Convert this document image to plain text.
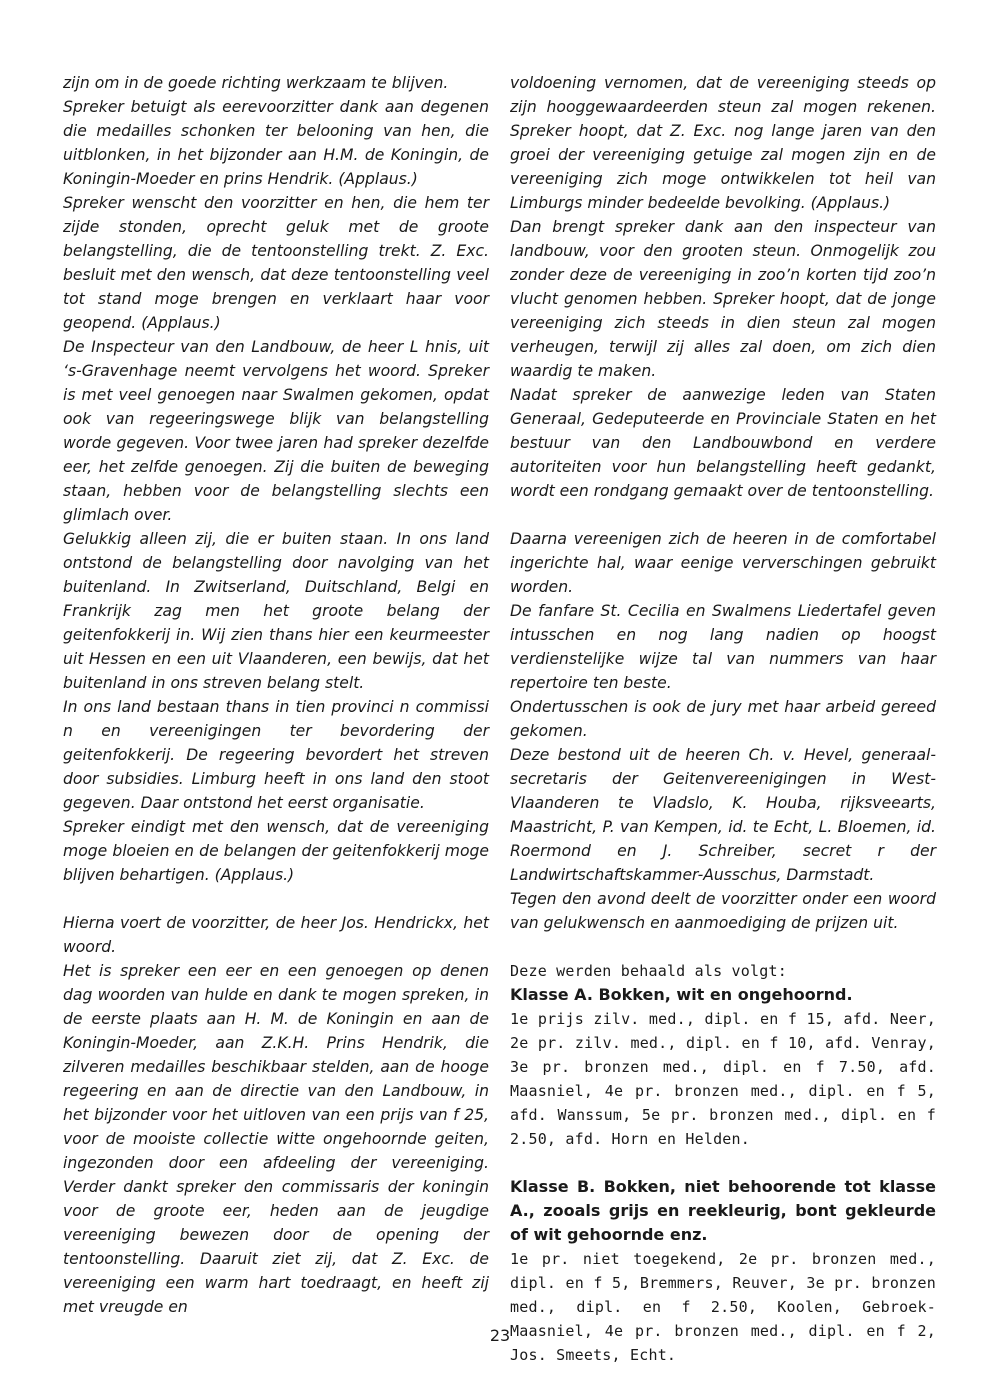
zijn om in de goede richting werkzaam te blijven.

Spreker betuigt als eerevoorzitter dank aan degenen die medailles schonken ter belooning van hen, die uitblonken, in het bijzonder aan H.M. de Koningin, de Koningin-Moeder en prins Hendrik. (Applaus.)

Spreker wenscht den voorzitter en hen, die hem ter zijde stonden, oprecht geluk met de groote belangstelling, die de tentoonstelling trekt. Z. Exc. besluit met den wensch, dat deze tentoonstelling veel tot stand moge brengen en verklaart haar voor geopend. (Applaus.)

De Inspecteur van den Landbouw, de heer L hnis, uit ‘s-Gravenhage neemt vervolgens het woord. Spreker is met veel genoegen naar Swalmen gekomen, opdat ook van regeeringswege blijk van belangstelling worde gegeven. Voor twee jaren had spreker dezelfde eer, het zelfde genoegen. Zij die buiten de beweging staan, hebben voor de belangstelling slechts een glimlach over.

Gelukkig alleen zij, die er buiten staan. In ons land ontstond de belangstelling door navolging van het buitenland. In Zwitserland, Duitschland, Belgi en Frankrijk zag men het groote belang der geitenfokkerij in. Wij zien thans hier een keurmeester uit Hessen en een uit Vlaanderen, een bewijs, dat het buitenland in ons streven belang stelt.

In ons land bestaan thans in tien provinci n commissi n en vereenigingen ter bevordering der geitenfokkerij. De regeering bevordert het streven door subsidies. Limburg heeft in ons land den stoot gegeven. Daar ontstond het eerst organisatie.

Spreker eindigt met den wensch, dat de vereeniging moge bloeien en de belangen der geitenfokkerij moge blijven behartigen. (Applaus.)

Hierna voert de voorzitter, de heer Jos. Hendrickx, het woord.

Het is spreker een eer en een genoegen op denen dag woorden van hulde en dank te mogen spreken, in de eerste plaats aan H. M. de Koningin en aan de Koningin-Moeder, aan Z.K.H. Prins Hendrik, die zilveren medailles beschikbaar stelden, aan de hooge regeering en aan de directie van den Landbouw, in het bijzonder voor het uitloven van een prijs van f 25, voor de mooiste collectie witte ongehoornde geiten, ingezonden door een afdeeling der vereeniging. Verder dankt spreker den commissaris der koningin voor de groote eer, heden aan de jeugdige vereeniging bewezen door de opening der tentoonstelling. Daaruit ziet zij, dat Z. Exc. de vereeniging een warm hart toedraagt, en heeft zij met vreugde en

voldoening vernomen, dat de vereeniging steeds op zijn hooggewaardeerden steun zal mogen rekenen. Spreker hoopt, dat Z. Exc. nog lange jaren van den groei der vereeniging getuige zal mogen zijn en de vereeniging zich moge ontwikkelen tot heil van Limburgs minder bedeelde bevolking. (Applaus.)

Dan brengt spreker dank aan den inspecteur van landbouw, voor den grooten steun. Onmogelijk zou zonder deze de vereeniging in zoo’n korten tijd zoo’n vlucht genomen hebben. Spreker hoopt, dat de jonge vereeniging zich steeds in dien steun zal mogen verheugen, terwijl zij alles zal doen, om zich dien waardig te maken.

Nadat spreker de aanwezige leden van Staten Generaal, Gedeputeerde en Provinciale Staten en het bestuur van den Landbouwbond en verdere autoriteiten voor hun belangstelling heeft gedankt, wordt een rondgang gemaakt over de tentoonstelling.

Daarna vereenigen zich de heeren in de comfortabel ingerichte hal, waar eenige ververschingen gebruikt worden.

De fanfare St. Cecilia en Swalmens Liedertafel geven intusschen en nog lang nadien op hoogst verdienstelijke wijze tal van nummers van haar repertoire ten beste.

Ondertusschen is ook de jury met haar arbeid gereed gekomen.

Deze bestond uit de heeren Ch. v. Hevel, generaal-secretaris der Geitenvereenigingen in West-Vlaanderen te Vladslo, K. Houba, rijksveearts, Maastricht, P. van Kempen, id. te Echt, L. Bloemen, id. Roermond en J. Schreiber, secret r der Landwirtschaftskammer-Ausschus, Darmstadt.

Tegen den avond deelt de voorzitter onder een woord van gelukwensch en aanmoediging de prijzen uit.

Deze werden behaald als volgt:

Klasse A. Bokken, wit en ongehoornd.

1e prijs zilv. med., dipl. en f 15, afd. Neer, 2e pr. zilv. med., dipl. en f 10, afd. Venray, 3e pr. bronzen med., dipl. en f 7.50, afd. Maasniel, 4e pr. bronzen med., dipl. en f 5, afd. Wanssum, 5e pr. bronzen med., dipl. en f 2.50, afd. Horn en Helden.

Klasse B. Bokken, niet behoorende tot klasse A., zooals grijs en reekleurig, bont gekleurde of wit gehoornde enz.

1e pr. niet toegekend, 2e pr. bronzen med., dipl. en f 5, Bremmers, Reuver, 3e pr. bronzen med., dipl. en f 2.50, Koolen, Gebroek-Maasniel, 4e pr. bronzen med., dipl. en f 2, Jos. Smeets, Echt.

23
